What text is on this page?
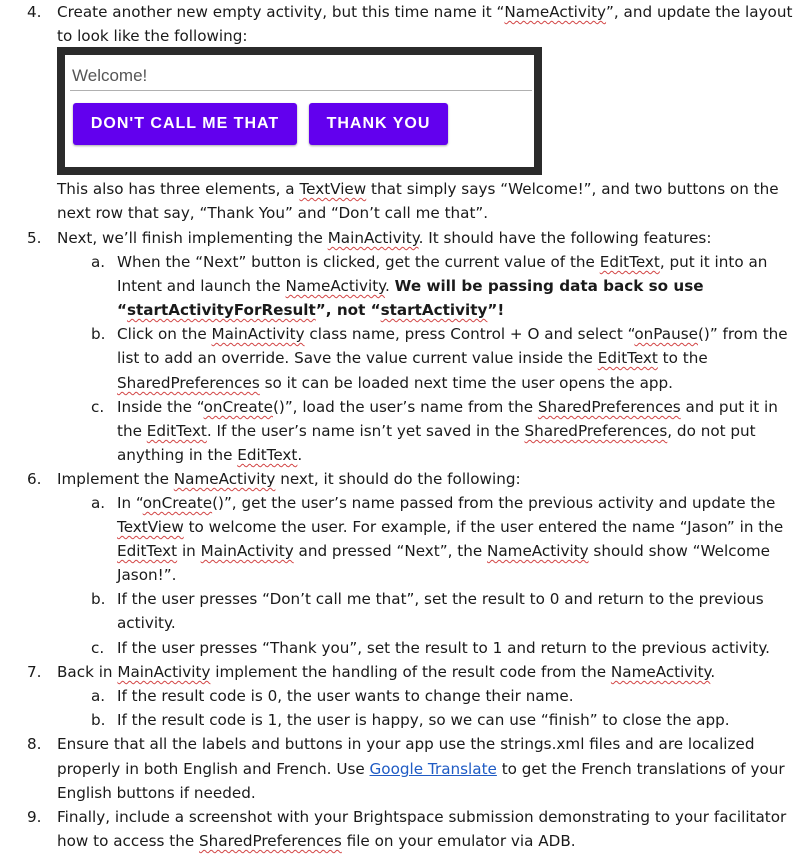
4. Create another new empty activity, but this time name it “NameActivity”, and update the layout
to look like the following:
Welcome!
DON'T CALL ME THAT	THANK YOU
This also has three elements, a TextView that simply says “Welcome!”, and two buttons on the
next row that say, “Thank You” and “Don’t call me that”.
5. Next, we’ll finish implementing the MainActivity. It should have the following features:
a. When the “Next” button is clicked, get the current value of the EditText, put it into an
Intent and launch the NameActivity. We will be passing data back so use
“startActivityForResult”, not “startActivity”!
b. Click on the MainActivity class name, press Control + O and select “onPause()” from the
list to add an override. Save the value current value inside the EditText to the
SharedPreferences so it can be loaded next time the user opens the app.
c. Inside the “onCreate()”, load the user’s name from the SharedPreferences and put it in
the EditText. If the user’s name isn’t yet saved in the SharedPreferences, do not put
anything in the EditText.
6. Implement the NameActivity next, it should do the following:
a. In “onCreate()”, get the user’s name passed from the previous activity and update the
TextView to welcome the user. For example, if the user entered the name “Jason” in the
EditText in MainActivity and pressed “Next”, the NameActivity should show “Welcome
Jason!”.
b. If the user presses “Don’t call me that”, set the result to 0 and return to the previous
activity.
c. If the user presses “Thank you”, set the result to 1 and return to the previous activity.
7. Back in MainActivity implement the handling of the result code from the NameActivity.
a. If the result code is 0, the user wants to change their name.
b. If the result code is 1, the user is happy, so we can use “finish” to close the app.
8. Ensure that all the labels and buttons in your app use the strings.xml files and are localized
properly in both English and French. Use Google Translate to get the French translations of your
English buttons if needed.
9. Finally, include a screenshot with your Brightspace submission demonstrating to your facilitator
how to access the SharedPreferences file on your emulator via ADB.
